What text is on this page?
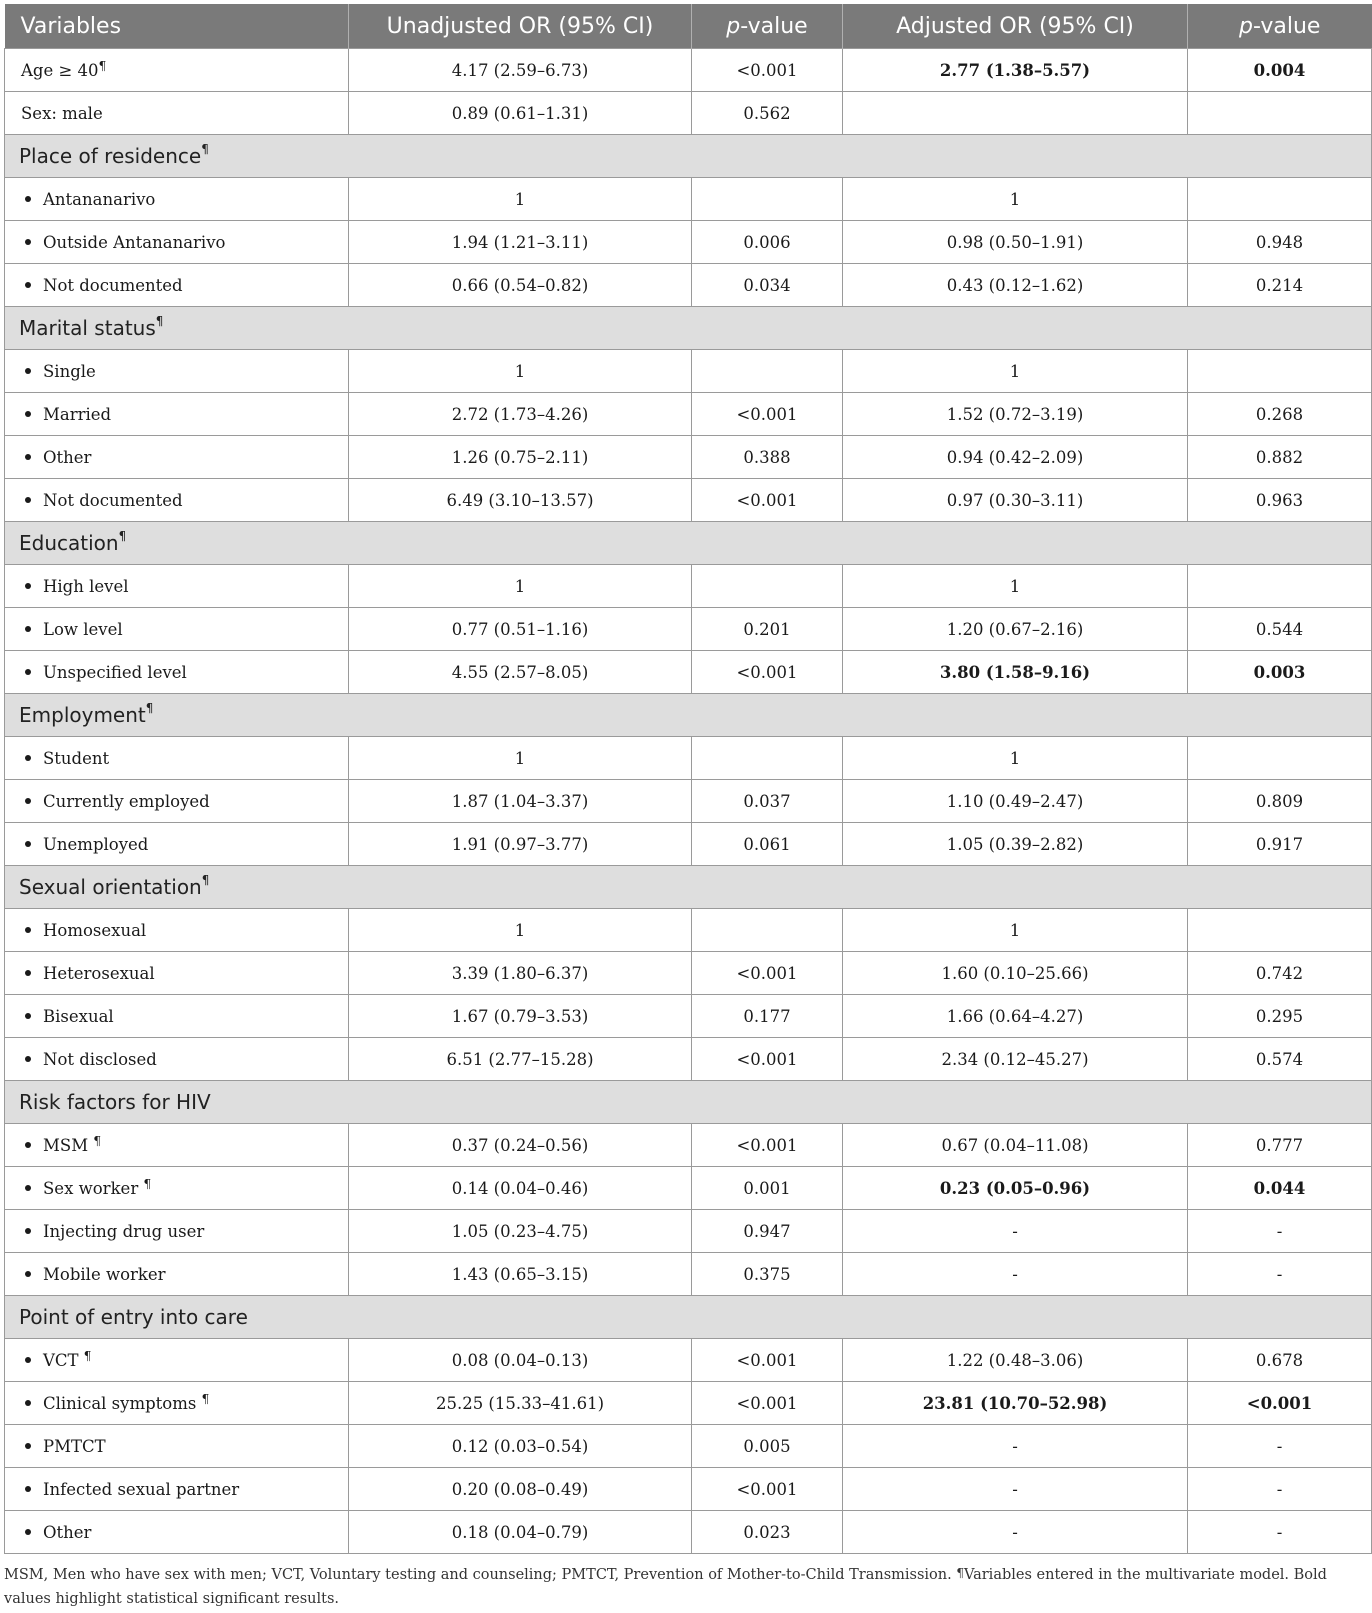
Variables	Unadjusted OR (95% CI)	p-value	Adjusted OR (95% CI)	p-value
Age ≥ 40¶	4.17 (2.59–6.73)	<0.001	2.77 (1.38–5.57)	0.004
Sex: male	0.89 (0.61–1.31)	0.562		
Place of residence¶
Antananarivo	1		1	
Outside Antananarivo	1.94 (1.21–3.11)	0.006	0.98 (0.50–1.91)	0.948
Not documented	0.66 (0.54–0.82)	0.034	0.43 (0.12–1.62)	0.214
Marital status¶
Single	1		1	
Married	2.72 (1.73–4.26)	<0.001	1.52 (0.72–3.19)	0.268
Other	1.26 (0.75–2.11)	0.388	0.94 (0.42–2.09)	0.882
Not documented	6.49 (3.10–13.57)	<0.001	0.97 (0.30–3.11)	0.963
Education¶
High level	1		1	
Low level	0.77 (0.51–1.16)	0.201	1.20 (0.67–2.16)	0.544
Unspecified level	4.55 (2.57–8.05)	<0.001	3.80 (1.58–9.16)	0.003
Employment¶
Student	1		1	
Currently employed	1.87 (1.04–3.37)	0.037	1.10 (0.49–2.47)	0.809
Unemployed	1.91 (0.97–3.77)	0.061	1.05 (0.39–2.82)	0.917
Sexual orientation¶
Homosexual	1		1	
Heterosexual	3.39 (1.80–6.37)	<0.001	1.60 (0.10–25.66)	0.742
Bisexual	1.67 (0.79–3.53)	0.177	1.66 (0.64–4.27)	0.295
Not disclosed	6.51 (2.77–15.28)	<0.001	2.34 (0.12–45.27)	0.574
Risk factors for HIV				
MSM ¶	0.37 (0.24–0.56)	<0.001	0.67 (0.04–11.08)	0.777
Sex worker ¶	0.14 (0.04–0.46)	0.001	0.23 (0.05–0.96)	0.044
Injecting drug user	1.05 (0.23–4.75)	0.947	-	-
Mobile worker	1.43 (0.65–3.15)	0.375	-	-
Point of entry into care				
VCT ¶	0.08 (0.04–0.13)	<0.001	1.22 (0.48–3.06)	0.678
Clinical symptoms ¶	25.25 (15.33–41.61)	<0.001	23.81 (10.70–52.98)	<0.001
PMTCT	0.12 (0.03–0.54)	0.005	-	-
Infected sexual partner	0.20 (0.08–0.49)	<0.001	-	-
Other	0.18 (0.04–0.79)	0.023	-	-
MSM, Men who have sex with men; VCT, Voluntary testing and counseling; PMTCT, Prevention of Mother-to-Child Transmission. ¶Variables entered in the multivariate model. Bold values highlight statistical significant results.
